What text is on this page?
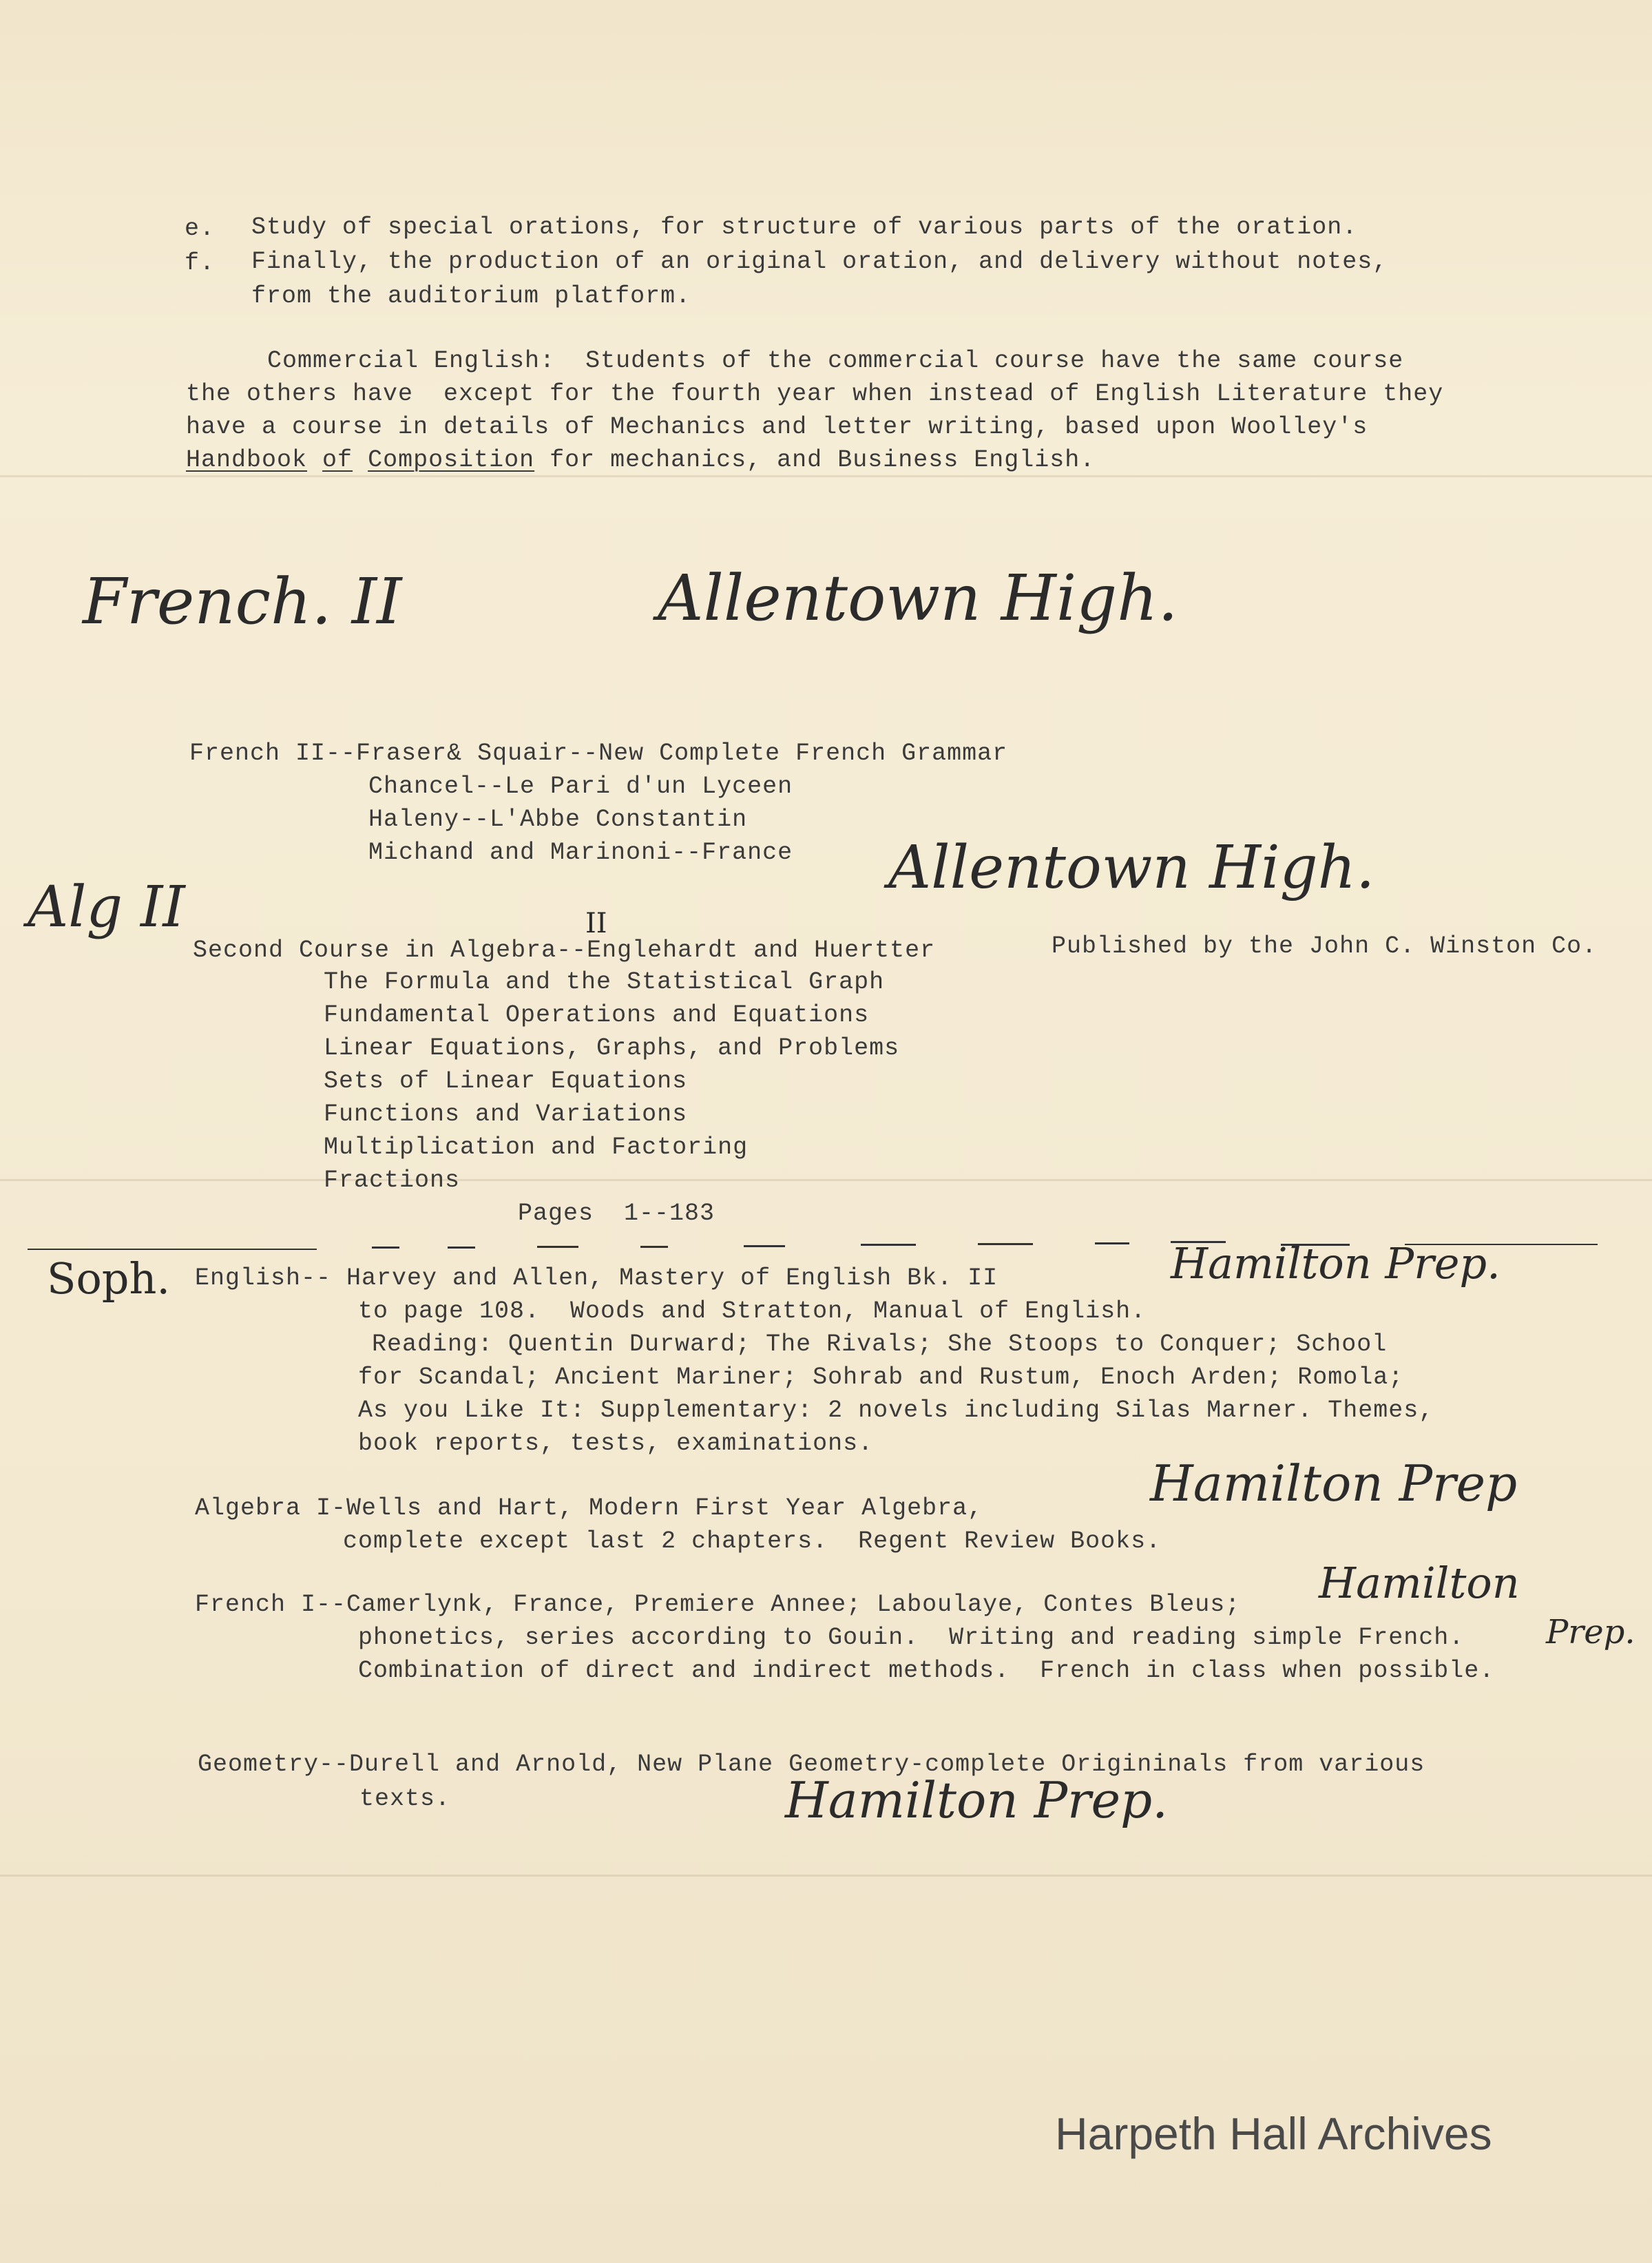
e. Study of special orations, for structure of various parts of the oration.
f. Finally, the production of an original oration, and delivery without notes,
from the auditorium platform.
Commercial English:  Students of the commercial course have the same course
the others have  except for the fourth year when instead of English Literature they
have a course in details of Mechanics and letter writing, based upon Woolley's
Handbook of Composition for mechanics, and Business English.
French. II	Allentown High.
French II--Fraser& Squair--New Complete French Grammar
Chancel--Le Pari d'un Lyceen
Haleny--L'Abbe Constantin
Michand and Marinoni--France Allentown High.
Alg II	II
Second Course in Algebra--Englehardt and Huertter	Published by the John C. Winston Co.
The Formula and the Statistical Graph
Fundamental Operations and Equations
Linear Equations, Graphs, and Problems
Sets of Linear Equations
Functions and Variations
Multiplication and Factoring
Fractions
Pages  1--183
Soph. English-- Harvey and Allen, Mastery of English Bk. II
to page 108.  Woods and Stratton, Manual of English.
Reading: Quentin Durward; The Rivals; She Stoops to Conquer; School
for Scandal; Ancient Mariner; Sohrab and Rustum, Enoch Arden; Romola;
As you Like It: Supplementary: 2 novels including Silas Marner. Themes,
book reports, tests, examinations.
Hamilton Prep.
Algebra I-Wells and Hart, Modern First Year Algebra,
complete except last 2 chapters.  Regent Review Books.
Hamilton Prep
French I--Camerlynk, France, Premiere Annee; Laboulaye, Contes Bleus;
phonetics, series according to Gouin.  Writing and reading simple French.
Combination of direct and indirect methods.  French in class when possible.
Hamilton
Prep.
Geometry--Durell and Arnold, New Plane Geometry-complete Origininals from various
texts.	Hamilton Prep.
Harpeth Hall Archives
